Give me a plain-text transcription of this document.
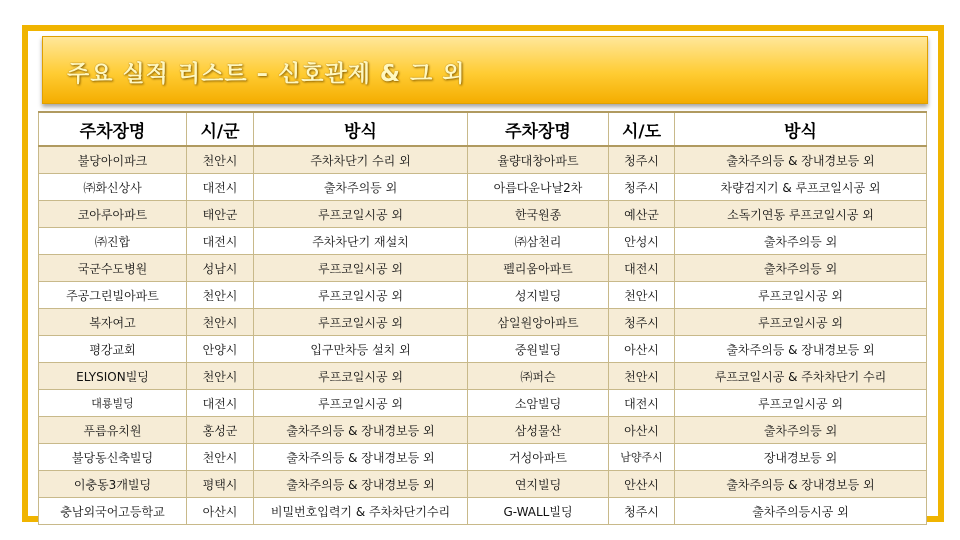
주요 실적 리스트 – 신호관제 & 그 외
주차장명	시/군	방식	주차장명	시/도	방식
불당아이파크	천안시	주차차단기 수리 외	율량대창아파트	청주시	출차주의등 & 장내경보등 외
㈜화신상사	대전시	출차주의등 외	아름다운나날2차	청주시	차량검지기 & 루프코일시공 외
코아루아파트	태안군	루프코일시공 외	한국원종	예산군	소독기연동 루프코일시공 외
㈜진합	대전시	주차차단기 재설치	㈜삼천리	안성시	출차주의등 외
국군수도병원	성남시	루프코일시공 외	펠리움아파트	대전시	출차주의등 외
주공그린빌아파트	천안시	루프코일시공 외	성지빌딩	천안시	루프코일시공 외
복자여고	천안시	루프코일시공 외	삼일원앙아파트	청주시	루프코일시공 외
평강교회	안양시	입구만차등 설치 외	중원빌딩	아산시	출차주의등 & 장내경보등 외
ELYSION빌딩	천안시	루프코일시공 외	㈜퍼슨	천안시	루프코일시공 & 주차차단기 수리
대룡빌딩	대전시	루프코일시공 외	소암빌딩	대전시	루프코일시공 외
푸름유치원	홍성군	출차주의등 & 장내경보등 외	삼성물산	아산시	출차주의등 외
불당동신축빌딩	천안시	출차주의등 & 장내경보등 외	거성아파트	남양주시	장내경보등 외
이충동3개빌딩	평택시	출차주의등 & 장내경보등 외	연지빌딩	안산시	출차주의등 & 장내경보등 외
충남외국어고등학교	아산시	비밀번호입력기 & 주차차단기수리	G-WALL빌딩	청주시	출차주의등시공 외
